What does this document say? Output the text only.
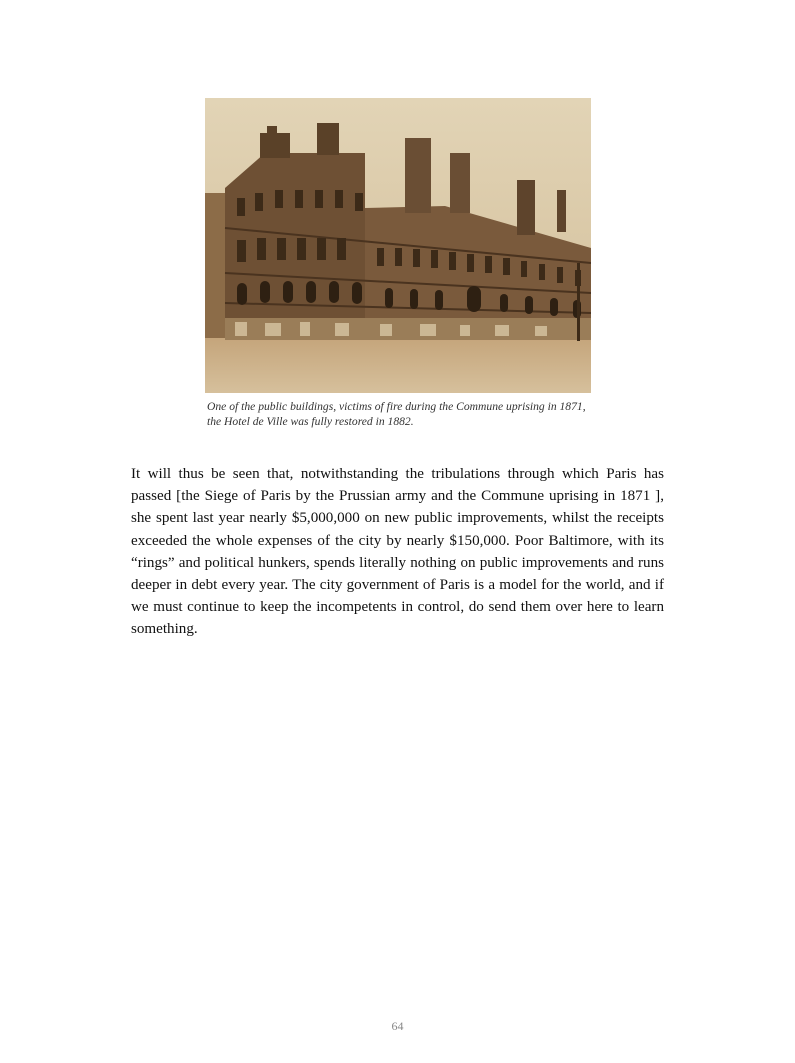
One of the public buildings, victims of fire during the Commune uprising in 1871, the Hotel de Ville was fully restored in 1882.

It will thus be seen that, notwithstanding the tribulations through which Paris has passed [the Siege of Paris by the Prussian army and the Commune uprising in 1871 ], she spent last year nearly $5,000,000 on new public improvements, whilst the receipts exceeded the whole expenses of the city by nearly $150,000. Poor Baltimore, with its “rings” and political hunkers, spends literally nothing on public improvements and runs deeper in debt every year. The city government of Paris is a model for the world, and if we must continue to keep the incompetents in control, do send them over here to learn something.

64
